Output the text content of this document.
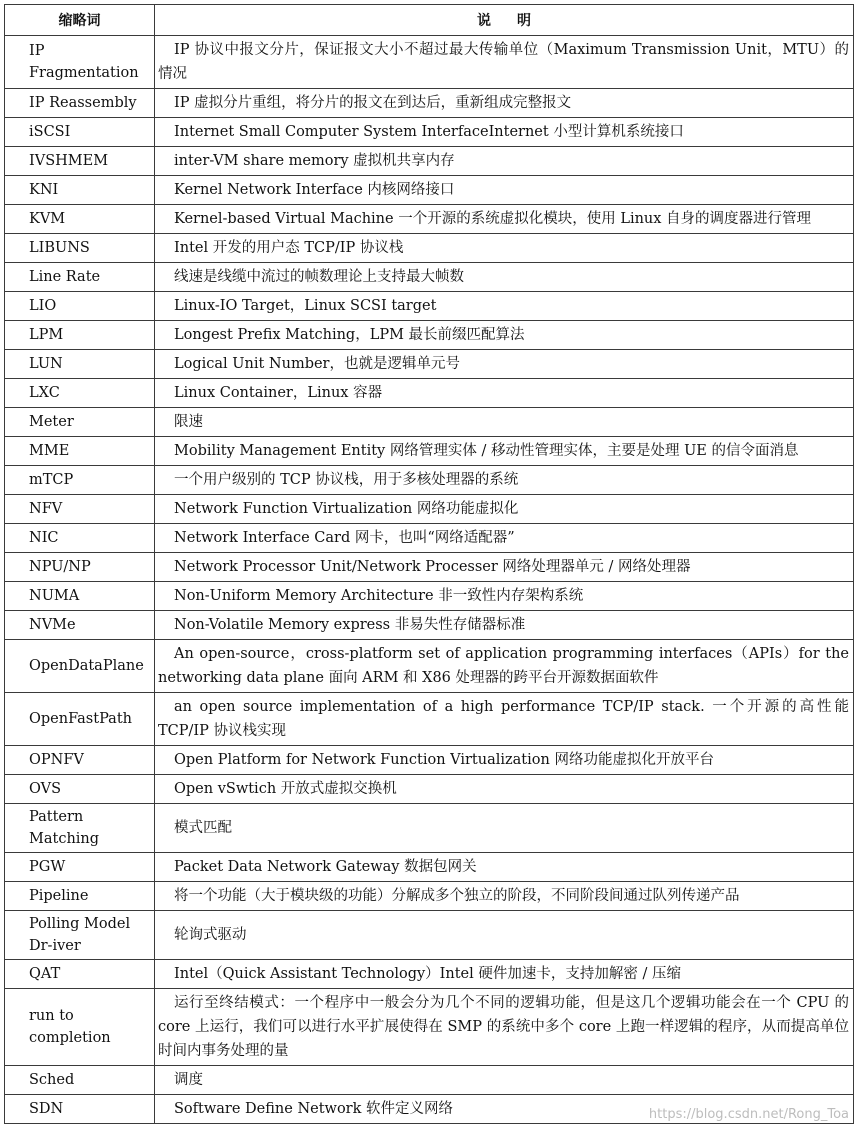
缩略词	说明
IP Fragmentation	IP 协议中报文分片，保证报文大小不超过最大传输单位（Maximum Transmission Unit，MTU）的情况

IP Reassembly	IP 虚拟分片重组，将分片的报文在到达后，重新组成完整报文

iSCSI	Internet Small Computer System InterfaceInternet 小型计算机系统接口

IVSHMEM	inter-VM share memory 虚拟机共享内存

KNI	Kernel Network Interface 内核网络接口

KVM	Kernel-based Virtual Machine 一个开源的系统虚拟化模块，使用 Linux 自身的调度器进行管理

LIBUNS	Intel 开发的用户态 TCP/IP 协议栈

Line Rate	线速是线缆中流过的帧数理论上支持最大帧数

LIO	Linux-IO Target，Linux SCSI target

LPM	Longest Prefix Matching，LPM 最长前缀匹配算法

LUN	Logical Unit Number，也就是逻辑单元号

LXC	Linux Container，Linux 容器

Meter	限速

MME	Mobility Management Entity 网络管理实体 / 移动性管理实体，主要是处理 UE 的信令面消息

mTCP	一个用户级别的 TCP 协议栈，用于多核处理器的系统

NFV	Network Function Virtualization 网络功能虚拟化

NIC	Network Interface Card 网卡，也叫“网络适配器”

NPU/NP	Network Processor Unit/Network Processer 网络处理器单元 / 网络处理器

NUMA	Non-Uniform Memory Architecture 非一致性内存架构系统

NVMe	Non-Volatile Memory express 非易失性存储器标准

OpenDataPlane	An open-source，cross-platform set of application programming interfaces（APIs）for the networking data plane 面向 ARM 和 X86 处理器的跨平台开源数据面软件

OpenFastPath	an open source implementation of a high performance TCP/IP stack. 一个开源的高性能 TCP/IP 协议栈实现

OPNFV	Open Platform for Network Function Virtualization 网络功能虚拟化开放平台

OVS	Open vSwtich 开放式虚拟交换机

Pattern Matching	模式匹配

PGW	Packet Data Network Gateway 数据包网关

Pipeline	将一个功能（大于模块级的功能）分解成多个独立的阶段，不同阶段间通过队列传递产品

Polling Model Dr-iver	轮询式驱动

QAT	Intel（Quick Assistant Technology）Intel 硬件加速卡，支持加解密 / 压缩

run to completion	运行至终结模式：一个程序中一般会分为几个不同的逻辑功能，但是这几个逻辑功能会在一个 CPU 的 core 上运行，我们可以进行水平扩展使得在 SMP 的系统中多个 core 上跑一样逻辑的程序，从而提高单位时间内事务处理的量

Sched	调度

SDN	Software Define Network 软件定义网络	https://blog.csdn.net/Rong_Toa
